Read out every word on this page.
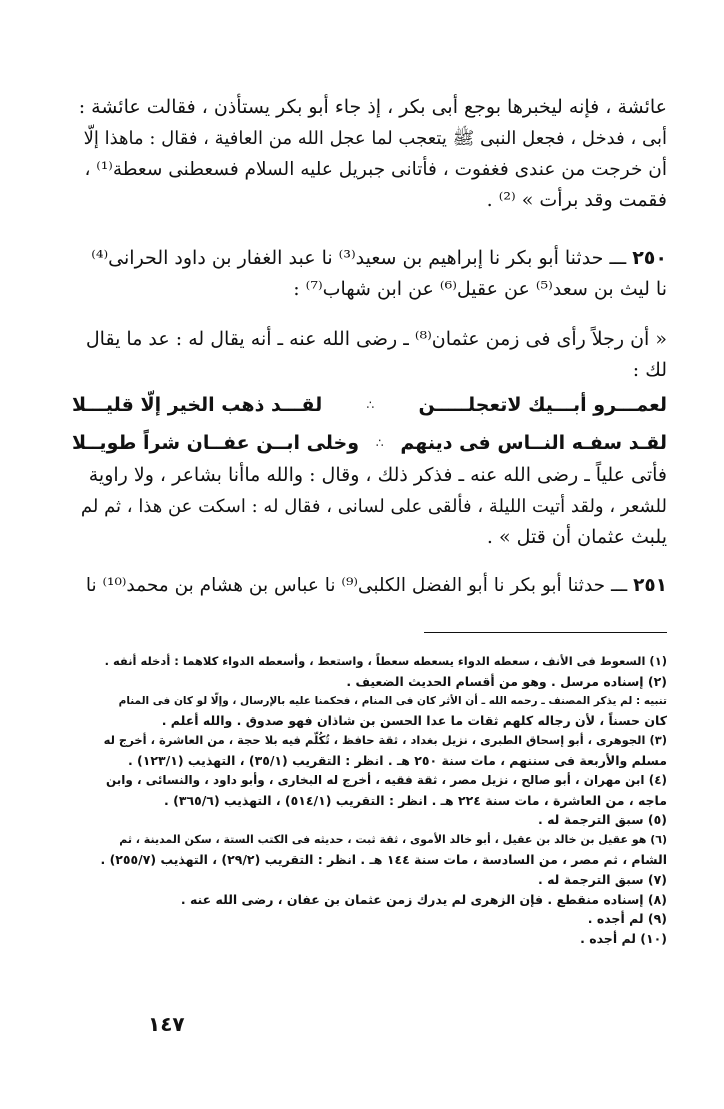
عائشة ، فإنه ليخبرها بوجع أبى بكر ، إذ جاء أبو بكر يستأذن ، فقالت عائشة :
أبى ، فدخل ، فجعل النبى ﷺ يتعجب لما عجل الله من العافية ، فقال : ماهذا إلّا
أن خرجت من عندى فغفوت ، فأتانى جبريل عليه السلام فسعطنى سعطة⁽¹⁾ ،
فقمت وقد برأت » ⁽²⁾ .
٢٥٠ ـــ حدثنا أبو بكر نا إبراهيم بن سعيد⁽³⁾ نا عبد الغفار بن داود الحرانى⁽⁴⁾
نا ليث بن سعد⁽⁵⁾ عن عقيل⁽⁶⁾ عن ابن شهاب⁽⁷⁾ :
« أن رجلاً رأى فى زمن عثمان⁽⁸⁾ ـ رضى الله عنه ـ أنه يقال له : عد ما يقال
لك :
لعمـــرو أبـــيك لاتعجلـــــن
∴
لقـــد ذهب الخير إلّا قليـــلا
لقـد سفـه النــاس فى دينهم
∴
وخلى ابــن عفــان شراً طويــلا
فأتى علياً ـ رضى الله عنه ـ فذكر ذلك ، وقال : والله ماأنا بشاعر ، ولا راوية
للشعر ، ولقد أتيت الليلة ، فألقى على لسانى ، فقال له : اسكت عن هذا ، ثم لم
يلبث عثمان أن قتل » .
٢٥١ ـــ حدثنا أبو بكر نا أبو الفضل الكلبى⁽⁹⁾ نا عباس بن هشام بن محمد⁽¹⁰⁾ نا
(١) السعوط فى الأنف ، سعطه الدواء يسعطه سعطاً ، واستعط ، وأسعطه الدواء كلاهما : أدخله أنفه .
(٢) إسناده مرسل . وهو من أقسام الحديث الضعيف .
تنبيه : لم يذكر المصنف ـ رحمه الله ـ أن الأثر كان فى المنام ، فحكمنا عليه بالإرسال ، وإلّا لو كان فى المنام
كان حسناً ، لأن رجاله كلهم ثقات ما عدا الحسن بن شاذان فهو صدوق . والله أعلم .
(٣) الجوهرى ، أبو إسحاق الطبرى ، نزيل بغداد ، ثقة حافظ ، تُكُلّم فيه بلا حجة ، من العاشرة ، أخرج له
مسلم والأربعة فى سننهم ، مات سنة ٢٥٠ هـ . انظر : التقريب (٣٥/١) ، التهذيب (١٢٣/١) .
(٤) ابن مهران ، أبو صالح ، نزيل مصر ، ثقة فقيه ، أخرج له البخارى ، وأبو داود ، والنسائى ، وابن
ماجه ، من العاشرة ، مات سنة ٢٢٤ هـ . انظر : التقريب (٥١٤/١) ، التهذيب (٣٦٥/٦) .
(٥) سبق الترجمة له .
(٦) هو عقيل بن خالد بن عقيل ، أبو خالد الأموى ، ثقة ثبت ، حديثه فى الكتب الستة ، سكن المدينة ، ثم
الشام ، ثم مصر ، من السادسة ، مات سنة ١٤٤ هـ . انظر : التقريب (٢٩/٢) ، التهذيب (٢٥٥/٧) .
(٧) سبق الترجمة له .
(٨) إسناده منقطع . فإن الزهرى لم يدرك زمن عثمان بن عفان ، رضى الله عنه .
(٩) لم أجده .
(١٠) لم أجده .
١٤٧
